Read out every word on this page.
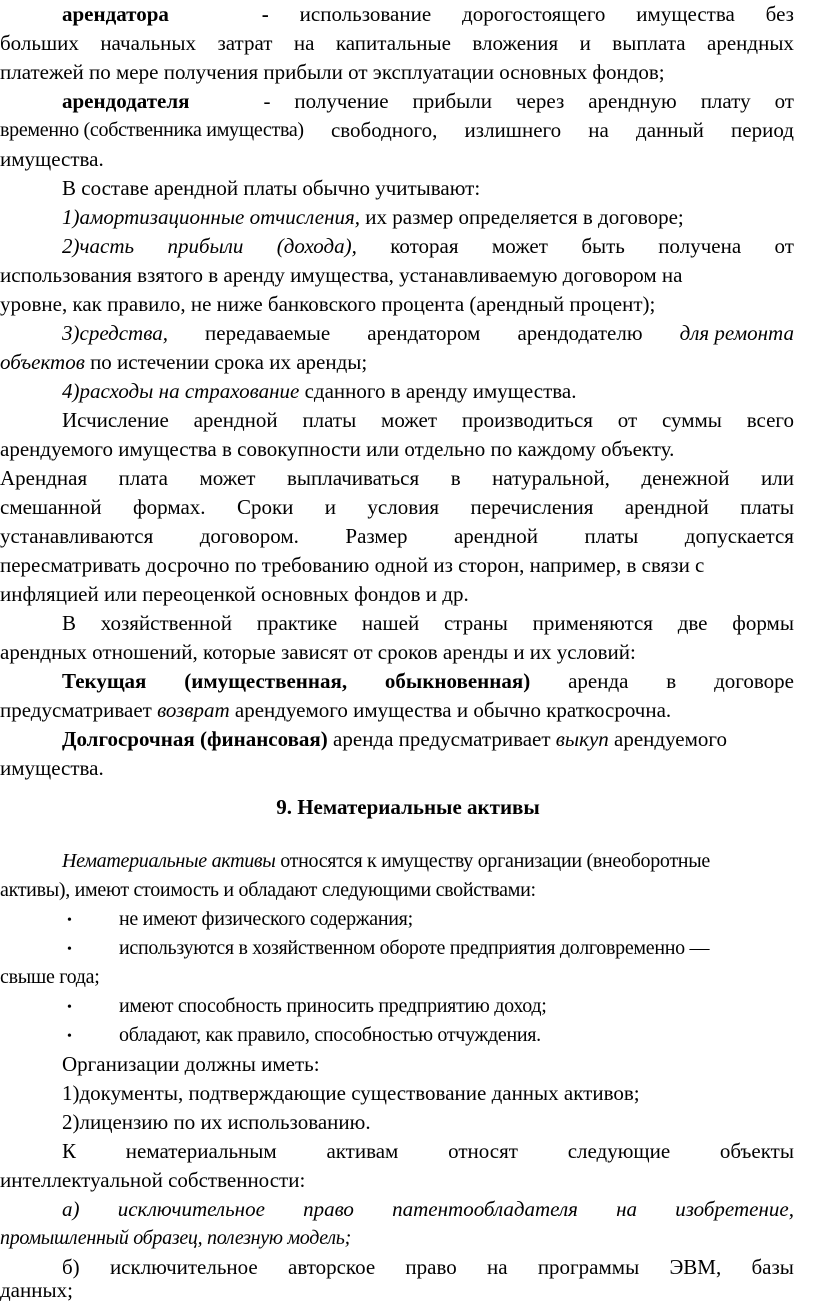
арендатора	- использование дорогостоящего имущества без
больших начальных затрат на капитальные вложения и выплата арендных
платежей по мере получения прибыли от эксплуатации основных фондов;
арендодателя	- получение прибыли через арендную плату от
временно (собственника имущества) свободного, излишнего на данный период
имущества.
В составе арендной платы обычно учитывают:
1)амортизационные отчисления, их размер определяется в договоре;
2)часть прибыли (дохода), которая может быть получена от
использования взятого в аренду имущества, устанавливаемую договором на
уровне, как правило, не ниже банковского процента (арендный процент);
3)средства, передаваемые арендатором арендодателю для ремонта
объектов по истечении срока их аренды;
4)расходы на страхование сданного в аренду имущества.
Исчисление арендной платы может производиться от суммы всего
арендуемого имущества в совокупности или отдельно по каждому объекту.
Арендная плата может выплачиваться в натуральной, денежной или
смешанной формах. Сроки и условия перечисления арендной платы
устанавливаются договором. Размер арендной платы допускается
пересматривать досрочно по требованию одной из сторон, например, в связи с
инфляцией или переоценкой основных фондов и др.
В хозяйственной практике нашей страны применяются две формы
арендных отношений, которые зависят от сроков аренды и их условий:
Текущая (имущественная, обыкновенная) аренда в договоре
предусматривает возврат арендуемого имущества и обычно краткосрочна.
Долгосрочная (финансовая) аренда предусматривает выкуп арендуемого
имущества.
9. Нематериальные активы
Нематериальные активы относятся к имуществу организации (внеоборотные
активы), имеют стоимость и обладают следующими свойствами:
• не имеют физического содержания;
• используются в хозяйственном обороте предприятия долговременно —
свыше года;
• имеют способность приносить предприятию доход;
• обладают, как правило, способностью отчуждения.
Организации должны иметь:
1)документы, подтверждающие существование данных активов;
2)лицензию по их использованию.
К нематериальным активам относят следующие объекты
интеллектуальной собственности:
а) исключительное право патентообладателя на изобретение,
промышленный образец, полезную модель;
б) исключительное авторское право на программы ЭВМ, базы
данных;
